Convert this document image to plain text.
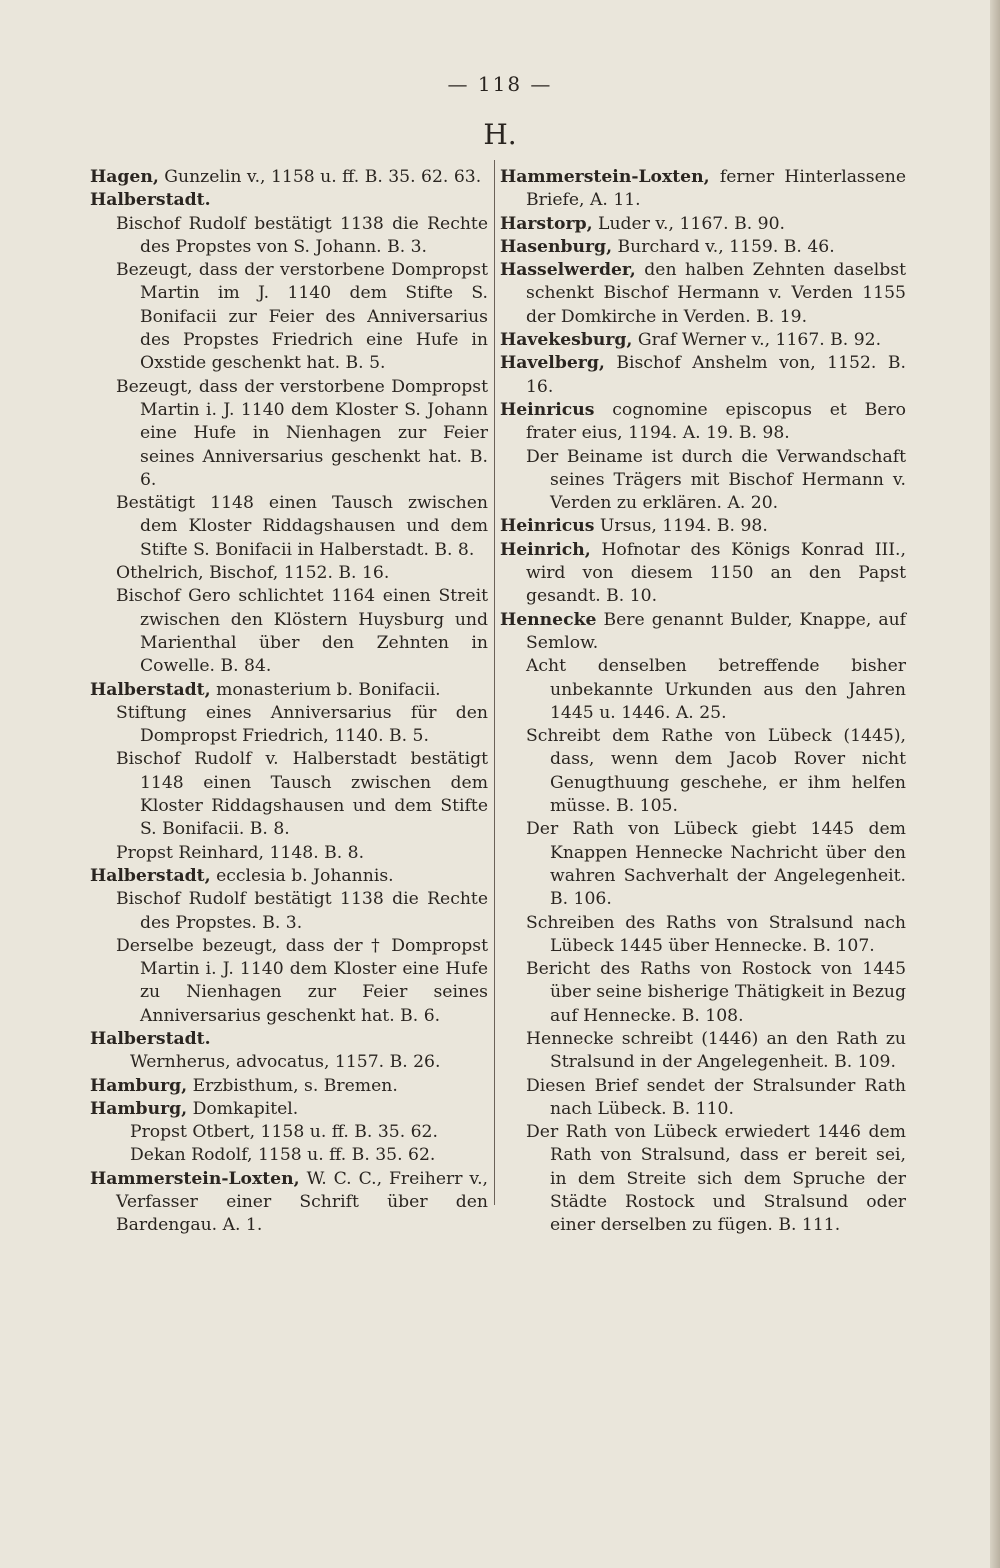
— 118 —
H.

Hagen, Gunzelin v., 1158 u. ff. B. 35. 62. 63.

Halberstadt.

Bischof Rudolf bestätigt 1138 die Rechte des Propstes von S. Johann. B. 3.

Bezeugt, dass der verstorbene Dompropst Martin im J. 1140 dem Stifte S. Bonifacii zur Feier des Anniversarius des Propstes Friedrich eine Hufe in Oxstide geschenkt hat. B. 5.

Bezeugt, dass der verstorbene Dompropst Martin i. J. 1140 dem Kloster S. Johann eine Hufe in Nienhagen zur Feier seines Anniversarius geschenkt hat. B. 6.

Bestätigt 1148 einen Tausch zwischen dem Kloster Riddagshausen und dem Stifte S. Bonifacii in Halberstadt. B. 8.

Othelrich, Bischof, 1152. B. 16.

Bischof Gero schlichtet 1164 einen Streit zwischen den Klöstern Huysburg und Marienthal über den Zehnten in Cowelle. B. 84.

Halberstadt, monasterium b. Bonifacii.

Stiftung eines Anniversarius für den Dompropst Friedrich, 1140. B. 5.

Bischof Rudolf v. Halberstadt bestätigt 1148 einen Tausch zwischen dem Kloster Riddagshausen und dem Stifte S. Bonifacii. B. 8.

Propst Reinhard, 1148. B. 8.

Halberstadt, ecclesia b. Johannis.

Bischof Rudolf bestätigt 1138 die Rechte des Propstes. B. 3.

Derselbe bezeugt, dass der † Dompropst Martin i. J. 1140 dem Kloster eine Hufe zu Nienhagen zur Feier seines Anniversarius geschenkt hat. B. 6.

Halberstadt.

Wernherus, advocatus, 1157. B. 26.

Hamburg, Erzbisthum, s. Bremen.

Hamburg, Domkapitel.

Propst Otbert, 1158 u. ff. B. 35. 62.

Dekan Rodolf, 1158 u. ff. B. 35. 62.

Hammerstein-Loxten, W. C. C., Freiherr v., Verfasser einer Schrift über den Bardengau. A. 1.

Hammerstein-Loxten, ferner Hinterlassene Briefe, A. 11.

Harstorp, Luder v., 1167. B. 90.

Hasenburg, Burchard v., 1159. B. 46.

Hasselwerder, den halben Zehnten daselbst schenkt Bischof Hermann v. Verden 1155 der Domkirche in Verden. B. 19.

Havekesburg, Graf Werner v., 1167. B. 92.

Havelberg, Bischof Anshelm von, 1152. B. 16.

Heinricus cognomine episcopus et Bero frater eius, 1194. A. 19. B. 98.

Der Beiname ist durch die Verwandschaft seines Trägers mit Bischof Hermann v. Verden zu erklären. A. 20.

Heinricus Ursus, 1194. B. 98.

Heinrich, Hofnotar des Königs Konrad III., wird von diesem 1150 an den Papst gesandt. B. 10.

Hennecke Bere genannt Bulder, Knappe, auf Semlow.

Acht denselben betreffende bisher unbekannte Urkunden aus den Jahren 1445 u. 1446. A. 25.

Schreibt dem Rathe von Lübeck (1445), dass, wenn dem Jacob Rover nicht Genugthuung geschehe, er ihm helfen müsse. B. 105.

Der Rath von Lübeck giebt 1445 dem Knappen Hennecke Nachricht über den wahren Sachverhalt der Angelegenheit. B. 106.

Schreiben des Raths von Stralsund nach Lübeck 1445 über Hennecke. B. 107.

Bericht des Raths von Rostock von 1445 über seine bisherige Thätigkeit in Bezug auf Hennecke. B. 108.

Hennecke schreibt (1446) an den Rath zu Stralsund in der Angelegenheit. B. 109.

Diesen Brief sendet der Stralsunder Rath nach Lübeck. B. 110.

Der Rath von Lübeck erwiedert 1446 dem Rath von Stralsund, dass er bereit sei, in dem Streite sich dem Spruche der Städte Rostock und Stralsund oder einer derselben zu fügen. B. 111.
